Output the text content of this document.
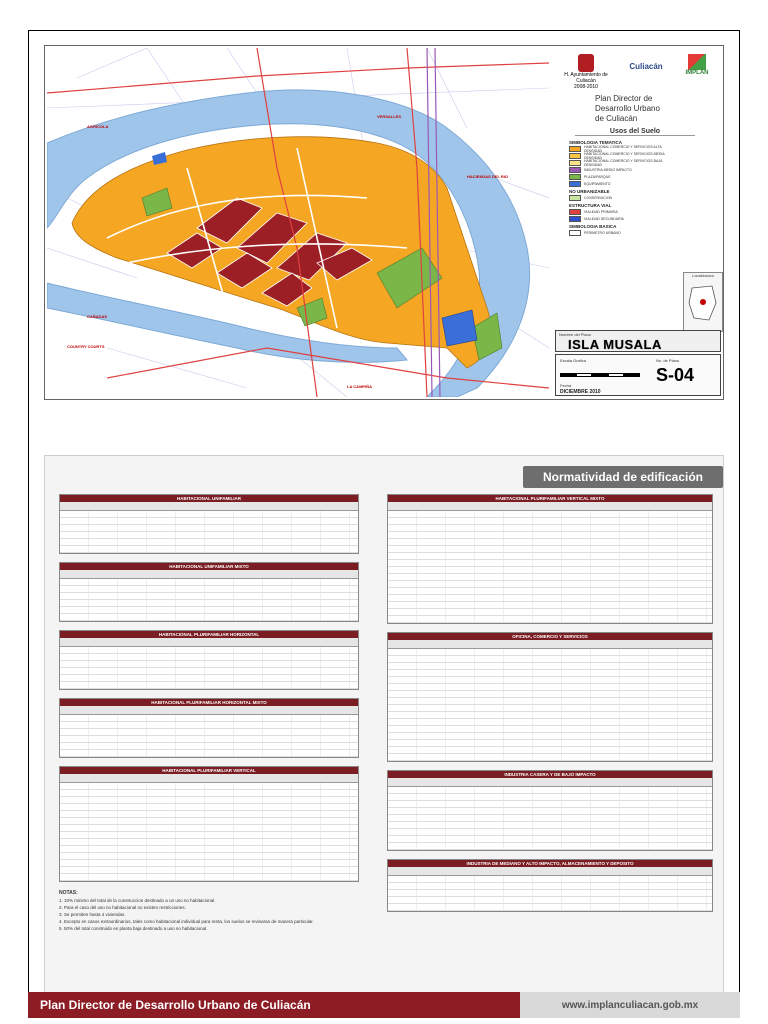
AGRICOLA
VERSALLES
HACIENDAS DEL RIO
CAÑADAS
LA CAMPIÑA
COUNTRY COURTS
H. Ayuntamiento de Culiacán
2008-2010
Culiacán
IMPLAN
Plan Director de
Desarrollo Urbano
de Culiacán
Usos del Suelo
SIMBOLOGIA TEMATICA
HABITACIONAL COMERCIO Y SERVICIOS ALTA DENSIDAD
HABITACIONAL COMERCIO Y SERVICIOS MEDIA DENSIDAD
HABITACIONAL COMERCIO Y SERVICIOS BAJA DENSIDAD
INDUSTRIA MEDIO IMPACTO
PLAZA/PARQUE
EQUIPAMIENTO
NO URBANIZABLE
CONSERVACION
ESTRUCTURA VIAL
VIALIDAD PRIMARIA
VIALIDAD SECUNDARIA
SIMBOLOGIA BASICA
PERIMETRO URBANO
Localizacion
Nombre del Plano
ISLA MUSALA
Escala Grafica	No. de Plano
S-04
Fecha
DICIEMBRE 2010
Normatividad de edificación
HABITACIONAL UNIFAMILIAR
HABITACIONAL UNIFAMILIAR MIXTO
HABITACIONAL PLURIFAMILIAR HORIZONTAL
HABITACIONAL PLURIFAMILIAR HORIZONTAL MIXTO
HABITACIONAL PLURIFAMILIAR VERTICAL
NOTAS:
1. 10% minimo del total de la construccion destinado a un uso no habitacional.
2. Para el caso del uso no habitacional no existen restricciones.
3. Se permiten hasta 4 viviendas.
4. Excepto en casos extraordinarios, tales como habitacional individual para renta, los suelos se revisaran de manera particular.
5. 50% del total construido en planta baja destinado a uso no habitacional.
HABITACIONAL PLURIFAMILIAR VERTICAL MIXTO
OFICINA, COMERCIO Y SERVICIOS
INDUSTRIA CASERA Y DE BAJO IMPACTO
INDUSTRIA DE MEDIANO Y ALTO IMPACTO, ALMACENAMIENTO Y DEPOSITO
Plan Director de Desarrollo Urbano de Culiacán	www.implanculiacan.gob.mx
